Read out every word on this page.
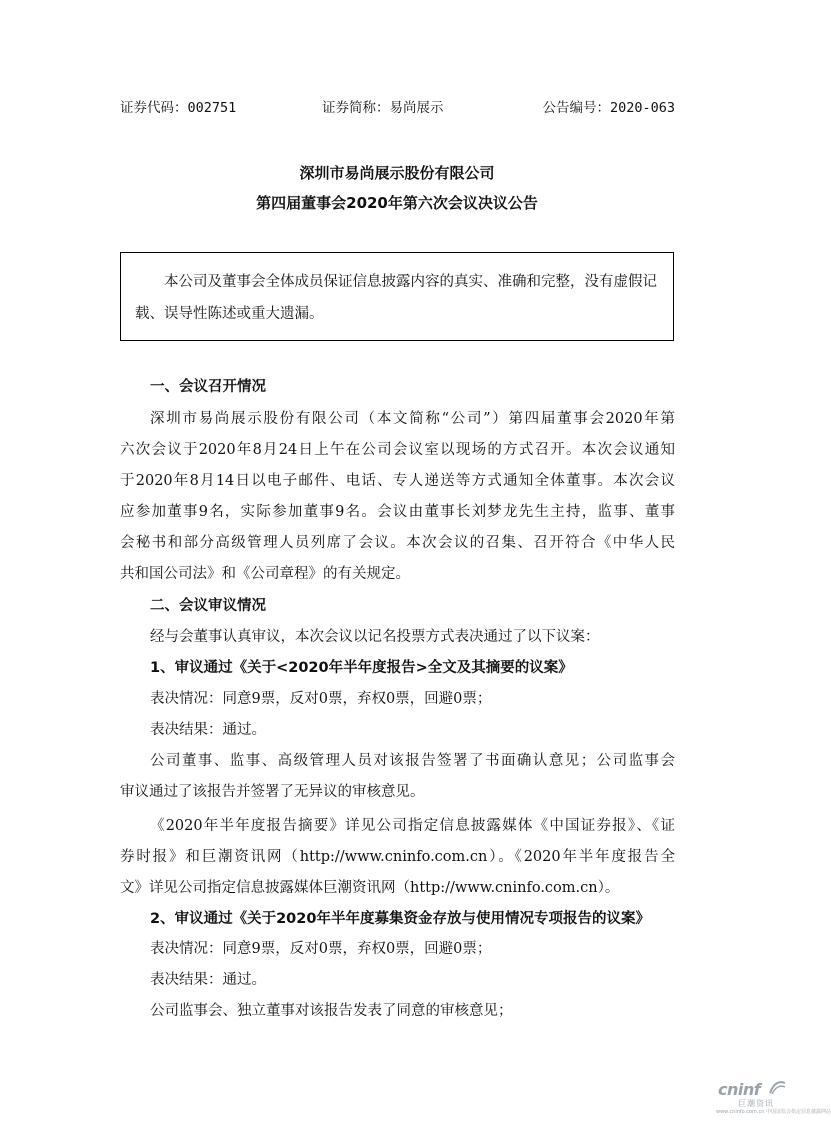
证券代码：002751	证券简称：易尚展示	公告编号：2020-063
深圳市易尚展示股份有限公司
第四届董事会2020年第六次会议决议公告
本公司及董事会全体成员保证信息披露内容的真实、准确和完整，没有虚假记载、误导性陈述或重大遗漏。
一、会议召开情况
深圳市易尚展示股份有限公司（本文简称“公司”）第四届董事会2020年第
六次会议于2020年8月24日上午在公司会议室以现场的方式召开。本次会议通知
于2020年8月14日以电子邮件、电话、专人递送等方式通知全体董事。本次会议
应参加董事9名，实际参加董事9名。会议由董事长刘梦龙先生主持，监事、董事
会秘书和部分高级管理人员列席了会议。本次会议的召集、召开符合《中华人民
共和国公司法》和《公司章程》的有关规定。
二、会议审议情况
经与会董事认真审议，本次会议以记名投票方式表决通过了以下议案：
1、审议通过《关于<2020年半年度报告>全文及其摘要的议案》
表决情况：同意9票，反对0票，弃权0票，回避0票；
表决结果：通过。
公司董事、监事、高级管理人员对该报告签署了书面确认意见；公司监事会
审议通过了该报告并签署了无异议的审核意见。
《2020年半年度报告摘要》详见公司指定信息披露媒体《中国证券报》、《证
券时报》和巨潮资讯网（http://www.cninfo.com.cn）。《2020年半年度报告全
文》详见公司指定信息披露媒体巨潮资讯网（http://www.cninfo.com.cn）。
2、审议通过《关于2020年半年度募集资金存放与使用情况专项报告的议案》
表决情况：同意9票，反对0票，弃权0票，回避0票；
表决结果：通过。
公司监事会、独立董事对该报告发表了同意的审核意见；
cninf
巨潮资讯
www.cninfo.com.cn 中国证监会指定信息披露网站
